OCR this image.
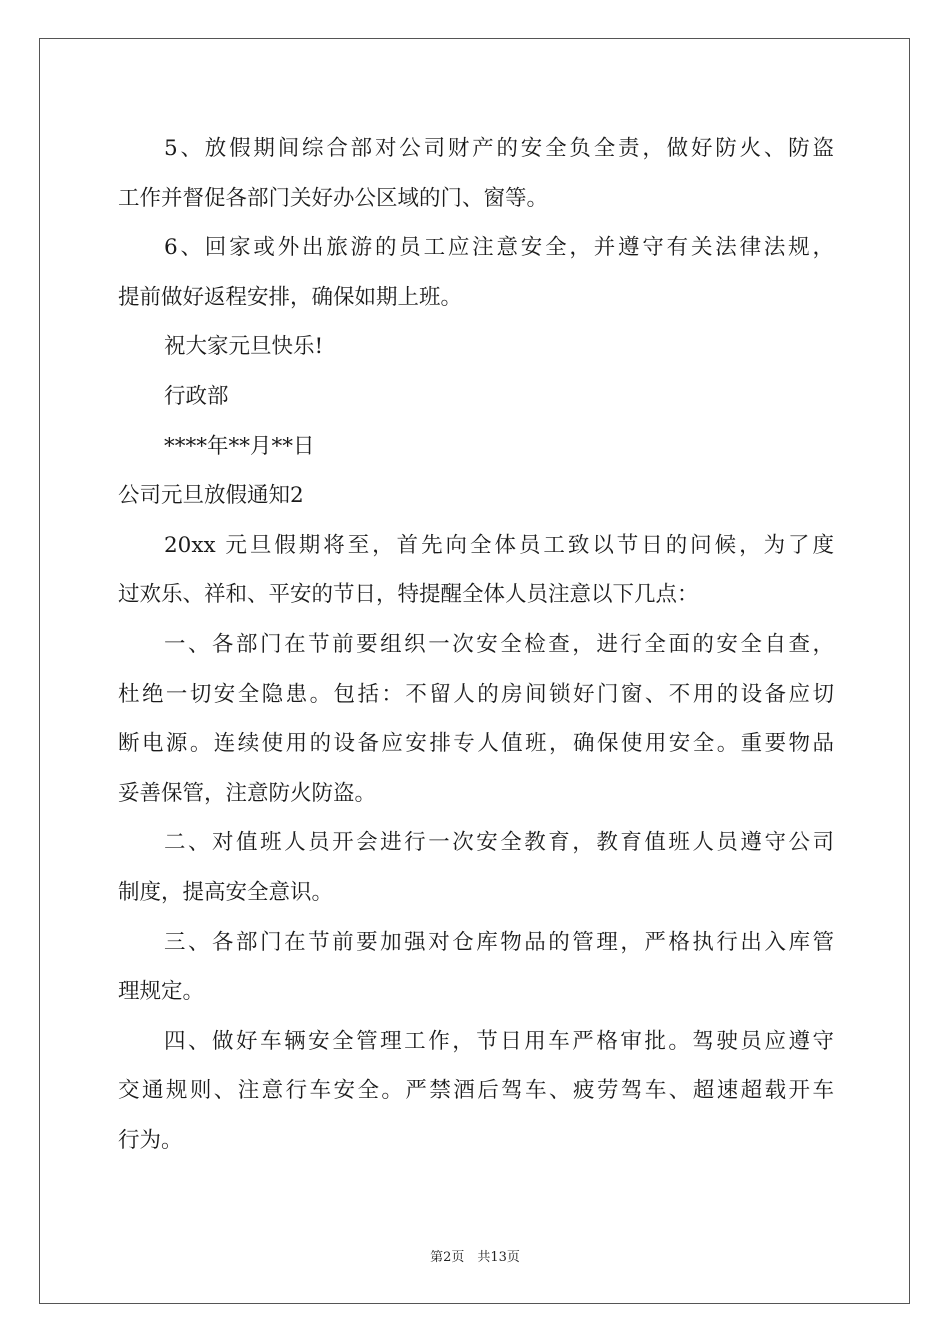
5、放假期间综合部对公司财产的安全负全责，做好防火、防盗
工作并督促各部门关好办公区域的门、窗等。
6、回家或外出旅游的员工应注意安全，并遵守有关法律法规，
提前做好返程安排，确保如期上班。
祝大家元旦快乐!
行政部
****年**月**日
公司元旦放假通知2
20xx 元旦假期将至，首先向全体员工致以节日的问候，为了度
过欢乐、祥和、平安的节日，特提醒全体人员注意以下几点：
一、各部门在节前要组织一次安全检查，进行全面的安全自查，
杜绝一切安全隐患。包括：不留人的房间锁好门窗、不用的设备应切
断电源。连续使用的设备应安排专人值班，确保使用安全。重要物品
妥善保管，注意防火防盗。
二、对值班人员开会进行一次安全教育，教育值班人员遵守公司
制度，提高安全意识。
三、各部门在节前要加强对仓库物品的管理，严格执行出入库管
理规定。
四、做好车辆安全管理工作，节日用车严格审批。驾驶员应遵守
交通规则、注意行车安全。严禁酒后驾车、疲劳驾车、超速超载开车
行为。
第2页　共13页
